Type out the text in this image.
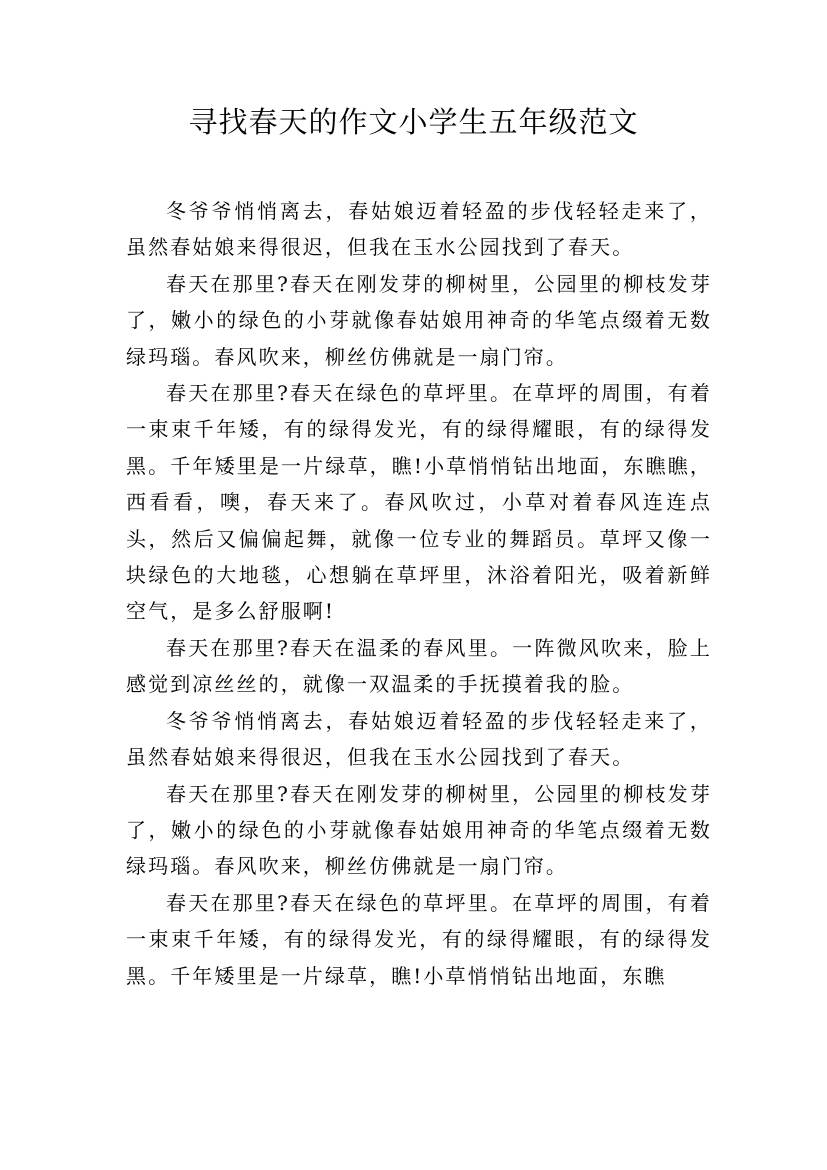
寻找春天的作文小学生五年级范文

冬爷爷悄悄离去，春姑娘迈着轻盈的步伐轻轻走来了，虽然春姑娘来得很迟，但我在玉水公园找到了春天。

春天在那里?春天在刚发芽的柳树里，公园里的柳枝发芽了，嫩小的绿色的小芽就像春姑娘用神奇的华笔点缀着无数绿玛瑙。春风吹来，柳丝仿佛就是一扇门帘。

春天在那里?春天在绿色的草坪里。在草坪的周围，有着一束束千年矮，有的绿得发光，有的绿得耀眼，有的绿得发黑。千年矮里是一片绿草，瞧!小草悄悄钻出地面，东瞧瞧，西看看，噢，春天来了。春风吹过，小草对着春风连连点头，然后又偏偏起舞，就像一位专业的舞蹈员。草坪又像一块绿色的大地毯，心想躺在草坪里，沐浴着阳光，吸着新鲜空气，是多么舒服啊!

春天在那里?春天在温柔的春风里。一阵微风吹来，脸上感觉到凉丝丝的，就像一双温柔的手抚摸着我的脸。

冬爷爷悄悄离去，春姑娘迈着轻盈的步伐轻轻走来了，虽然春姑娘来得很迟，但我在玉水公园找到了春天。

春天在那里?春天在刚发芽的柳树里，公园里的柳枝发芽了，嫩小的绿色的小芽就像春姑娘用神奇的华笔点缀着无数绿玛瑙。春风吹来，柳丝仿佛就是一扇门帘。

春天在那里?春天在绿色的草坪里。在草坪的周围，有着一束束千年矮，有的绿得发光，有的绿得耀眼，有的绿得发黑。千年矮里是一片绿草，瞧!小草悄悄钻出地面，东瞧
